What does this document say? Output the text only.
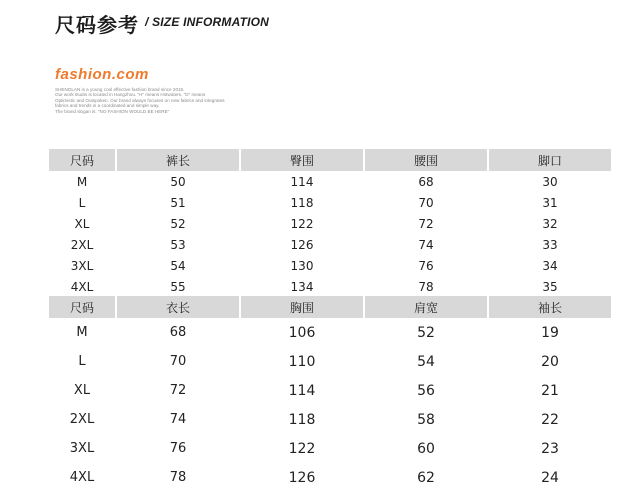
尺码参考 / SIZE INFORMATION
fashion.com
SHENGLAN is a young cool effective fashion brand since 2015.
Our work studio is located in Hangzhou. "H" means Hotwaters. "D" means
Optimistic and Outspoken. Our brand always focuses on new fabrics and integrates
fabrics and trends in a coordinated and simple way.
The brand slogan is: "NO FASHION WOULD BE HERE"
尺码	裤长	臀围	腰围	脚口
M	50	114	68	30
L	51	118	70	31
XL	52	122	72	32
2XL	53	126	74	33
3XL	54	130	76	34
4XL	55	134	78	35
尺码	衣长	胸围	肩宽	袖长
M	68	106	52	19
L	70	110	54	20
XL	72	114	56	21
2XL	74	118	58	22
3XL	76	122	60	23
4XL	78	126	62	24
